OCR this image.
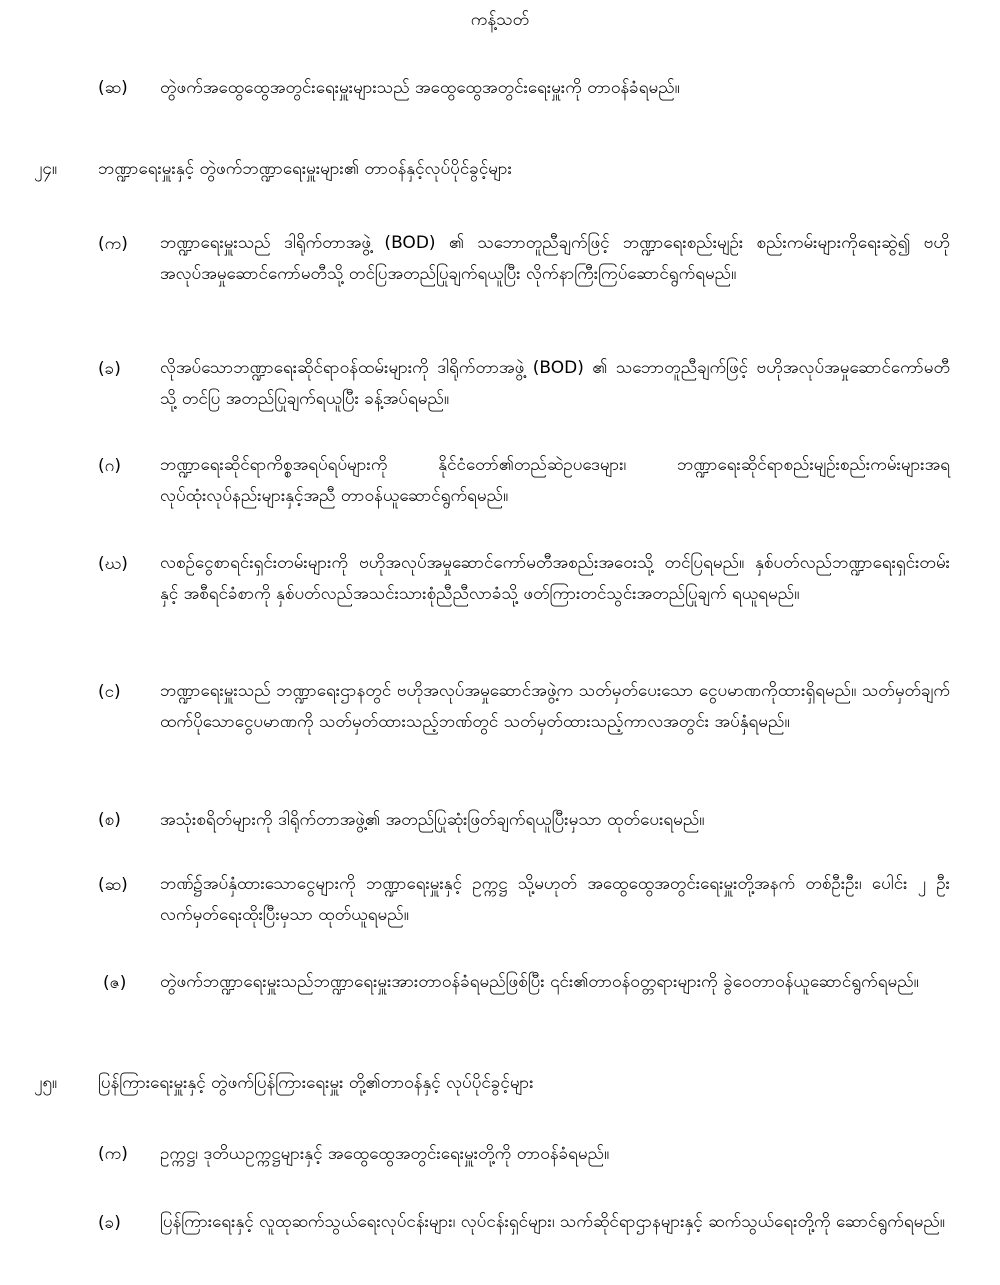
ကန့်သတ်
(ဆ) တွဲဖက်အထွေထွေအတွင်းရေးမှူးများသည် အထွေထွေအတွင်းရေးမှူးကို တာဝန်ခံရမည်။
၂၄။ ဘဏ္ဍာရေးမှူးနှင့် တွဲဖက်ဘဏ္ဍာရေးမှူးများ၏ တာဝန်နှင့်လုပ်ပိုင်ခွင့်များ
(က) ဘဏ္ဍာရေးမှူးသည် ဒါရိုက်တာအဖွဲ့ (BOD) ၏ သဘောတူညီချက်ဖြင့် ဘဏ္ဍာရေးစည်းမျဉ်း စည်းကမ်းများကိုရေးဆွဲ၍ ဗဟိုအလုပ်အမှုဆောင်ကော်မတီသို့ တင်ပြအတည်ပြုချက်ရယူပြီး လိုက်နာကြီးကြပ်ဆောင်ရွက်ရမည်။
(ခ) လိုအပ်သောဘဏ္ဍာရေးဆိုင်ရာဝန်ထမ်းများကို ဒါရိုက်တာအဖွဲ့ (BOD) ၏ သဘောတူညီချက်ဖြင့် ဗဟိုအလုပ်အမှုဆောင်ကော်မတီသို့ တင်ပြ အတည်ပြုချက်ရယူပြီး ခန့်အပ်ရမည်။
(ဂ) ဘဏ္ဍာရေးဆိုင်ရာကိစ္စအရပ်ရပ်များကို နိုင်ငံတော်၏တည်ဆဲဥပဒေများ၊ ဘဏ္ဍာရေးဆိုင်ရာစည်းမျဉ်းစည်းကမ်းများအရ လုပ်ထုံးလုပ်နည်းများနှင့်အညီ တာဝန်ယူဆောင်ရွက်ရမည်။
(ဃ) လစဉ်ငွေစာရင်းရှင်းတမ်းများကို ဗဟိုအလုပ်အမှုဆောင်ကော်မတီအစည်းအဝေးသို့ တင်ပြရမည်။ နှစ်ပတ်လည်ဘဏ္ဍာရေးရှင်းတမ်းနှင့် အစီရင်ခံစာကို နှစ်ပတ်လည်အသင်းသားစုံညီညီလာခံသို့ ဖတ်ကြားတင်သွင်းအတည်ပြုချက် ရယူရမည်။
(င) ဘဏ္ဍာရေးမှူးသည် ဘဏ္ဍာရေးဌာနတွင် ဗဟိုအလုပ်အမှုဆောင်အဖွဲ့က သတ်မှတ်ပေးသော ငွေပမာဏကိုထားရှိရမည်။ သတ်မှတ်ချက်ထက်ပိုသောငွေပမာဏကို သတ်မှတ်ထားသည့်ဘဏ်တွင် သတ်မှတ်ထားသည့်ကာလအတွင်း အပ်နှံရမည်။
(စ) အသုံးစရိတ်များကို ဒါရိုက်တာအဖွဲ့၏ အတည်ပြုဆုံးဖြတ်ချက်ရယူပြီးမှသာ ထုတ်ပေးရမည်။
(ဆ) ဘဏ်၌အပ်နှံထားသောငွေများကို ဘဏ္ဍာရေးမှူးနှင့် ဥက္ကဋ္ဌ သို့မဟုတ် အထွေထွေအတွင်းရေးမှူးတို့အနက် တစ်ဦးဦး၊ ပေါင်း ၂ ဦး လက်မှတ်ရေးထိုးပြီးမှသာ ထုတ်ယူရမည်။
(ဇ) တွဲဖက်ဘဏ္ဍာရေးမှူးသည်ဘဏ္ဍာရေးမှူးအားတာဝန်ခံရမည်ဖြစ်ပြီး ၎င်း၏တာဝန်ဝတ္တရားများကို ခွဲဝေတာဝန်ယူဆောင်ရွက်ရမည်။
၂၅။ ပြန်ကြားရေးမှူးနှင့် တွဲဖက်ပြန်ကြားရေးမှူး တို့၏တာဝန်နှင့် လုပ်ပိုင်ခွင့်များ
(က) ဥက္ကဋ္ဌ၊ ဒုတိယဥက္ကဋ္ဌများနှင့် အထွေထွေအတွင်းရေးမှူးတို့ကို တာဝန်ခံရမည်။
(ခ) ပြန်ကြားရေးနှင့် လူထုဆက်သွယ်ရေးလုပ်ငန်းများ၊ လုပ်ငန်းရှင်များ၊ သက်ဆိုင်ရာဌာနများနှင့် ဆက်သွယ်ရေးတို့ကို ဆောင်ရွက်ရမည်။
